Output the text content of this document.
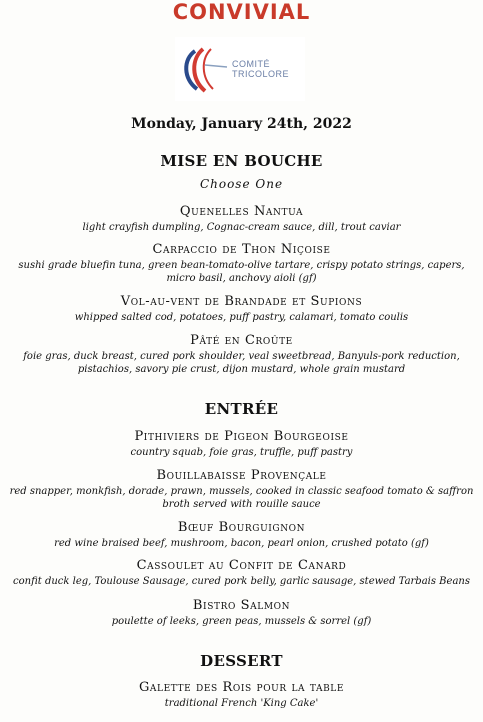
CONVIVIAL
COMITÉ
TRICOLORE
Monday, January 24th, 2022
MISE EN BOUCHE
Choose One
Quenelles Nantua
light crayfish dumpling, Cognac-cream sauce, dill, trout caviar
Carpaccio de Thon Niçoise
sushi grade bluefin tuna, green bean-tomato-olive tartare, crispy potato strings, capers,
micro basil, anchovy aioli (gf)
Vol-au-vent de Brandade et Supions
whipped salted cod, potatoes, puff pastry, calamari, tomato coulis
Pâté en Croûte
foie gras, duck breast, cured pork shoulder, veal sweetbread, Banyuls-pork reduction,
pistachios, savory pie crust, dijon mustard, whole grain mustard
ENTRÉE
Pithiviers de Pigeon Bourgeoise
country squab, foie gras, truffle, puff pastry
Bouillabaisse Provençale
red snapper, monkfish, dorade, prawn, mussels, cooked in classic seafood tomato & saffron
broth served with rouille sauce
Bœuf Bourguignon
red wine braised beef, mushroom, bacon, pearl onion, crushed potato (gf)
Cassoulet au Confit de Canard
confit duck leg, Toulouse Sausage, cured pork belly, garlic sausage, stewed Tarbais Beans
Bistro Salmon
poulette of leeks, green peas, mussels & sorrel (gf)
DESSERT
Galette des Rois pour la table
traditional French 'King Cake'
